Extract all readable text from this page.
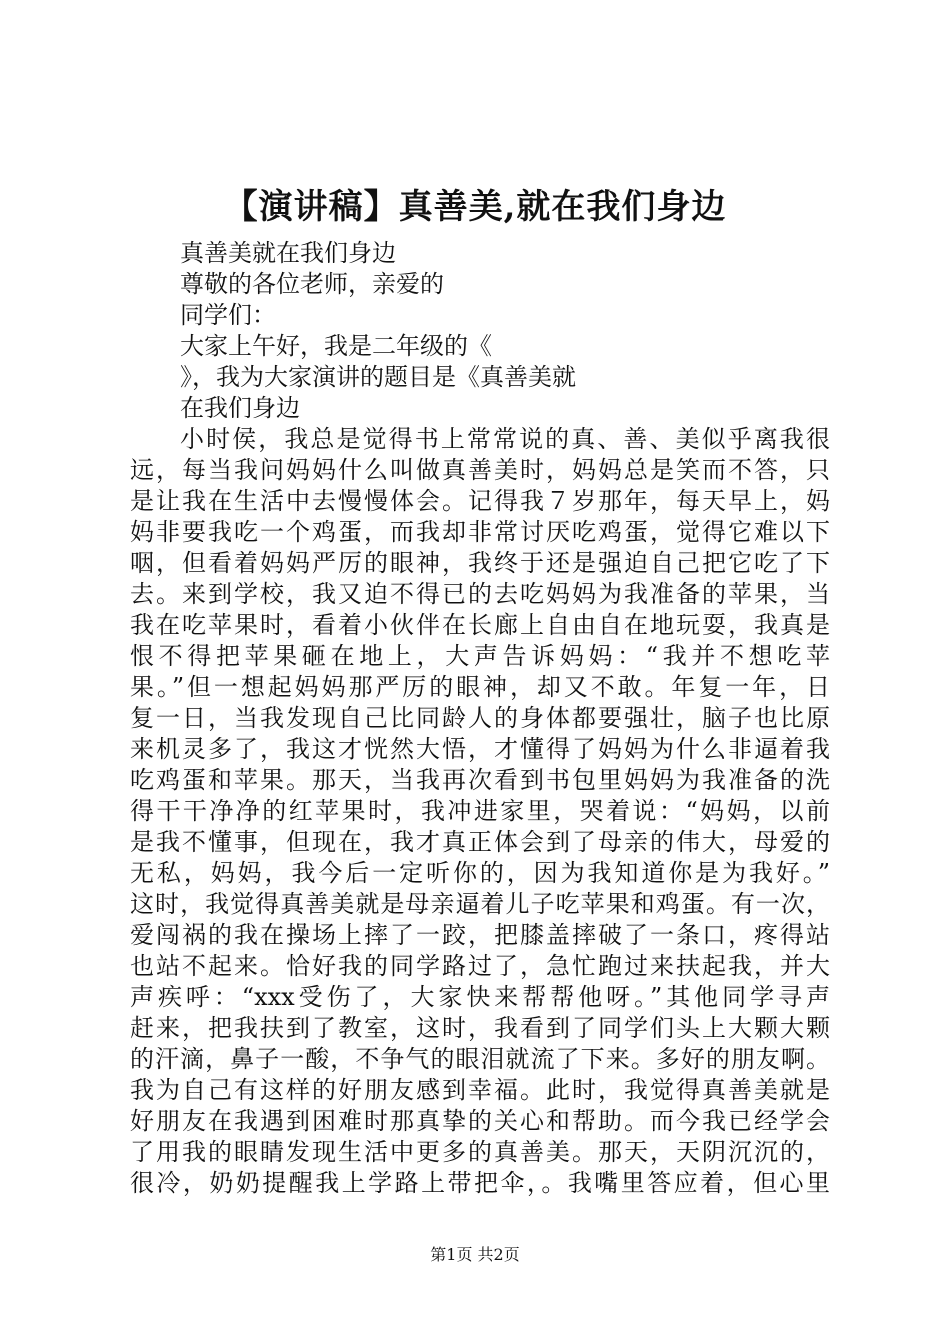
【演讲稿】真善美,就在我们身边
真善美就在我们身边
尊敬的各位老师，亲爱的
同学们：
大家上午好，我是二年级的《
》，我为大家演讲的题目是《真善美就
在我们身边
小时侯，我总是觉得书上常常说的真、善、美似乎离我很
远，每当我问妈妈什么叫做真善美时，妈妈总是笑而不答，只
是让我在生活中去慢慢体会。记得我７岁那年，每天早上，妈
妈非要我吃一个鸡蛋，而我却非常讨厌吃鸡蛋，觉得它难以下
咽，但看着妈妈严厉的眼神，我终于还是强迫自己把它吃了下
去。来到学校，我又迫不得已的去吃妈妈为我准备的苹果，当
我在吃苹果时，看着小伙伴在长廊上自由自在地玩耍，我真是
恨不得把苹果砸在地上，大声告诉妈妈：“我并不想吃苹
果。”但一想起妈妈那严厉的眼神，却又不敢。年复一年，日
复一日，当我发现自己比同龄人的身体都要强壮，脑子也比原
来机灵多了，我这才恍然大悟，才懂得了妈妈为什么非逼着我
吃鸡蛋和苹果。那天，当我再次看到书包里妈妈为我准备的洗
得干干净净的红苹果时，我冲进家里，哭着说：“妈妈，以前
是我不懂事，但现在，我才真正体会到了母亲的伟大，母爱的
无私，妈妈，我今后一定听你的，因为我知道你是为我好。”
这时，我觉得真善美就是母亲逼着儿子吃苹果和鸡蛋。有一次，
爱闯祸的我在操场上摔了一跤，把膝盖摔破了一条口，疼得站
也站不起来。恰好我的同学路过了，急忙跑过来扶起我，并大
声疾呼：“xxx受伤了，大家快来帮帮他呀。”其他同学寻声
赶来，把我扶到了教室，这时，我看到了同学们头上大颗大颗
的汗滴，鼻子一酸，不争气的眼泪就流了下来。多好的朋友啊。
我为自己有这样的好朋友感到幸福。此时，我觉得真善美就是
好朋友在我遇到困难时那真挚的关心和帮助。而今我已经学会
了用我的眼睛发现生活中更多的真善美。那天，天阴沉沉的，
很冷，奶奶提醒我上学路上带把伞，。我嘴里答应着，但心里
第1页 共2页
